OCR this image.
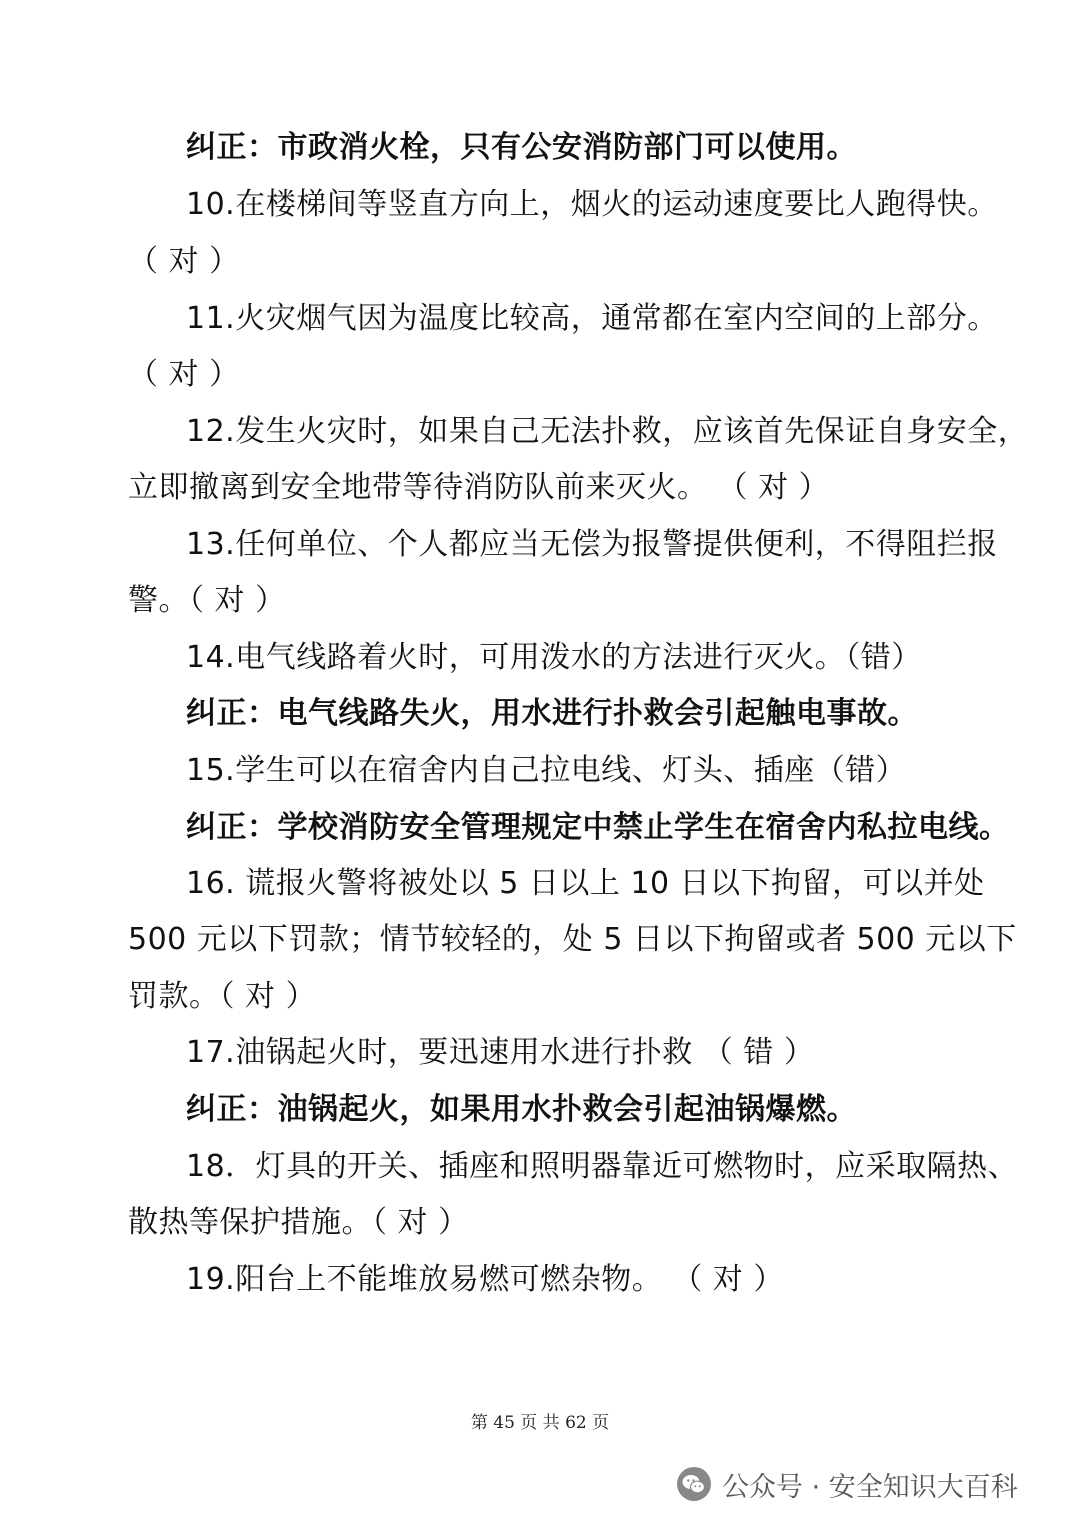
纠正：市政消火栓，只有公安消防部门可以使用。
10.在楼梯间等竖直方向上，烟火的运动速度要比人跑得快。
（ 对 ）
11.火灾烟气因为温度比较高，通常都在室内空间的上部分。
（ 对 ）
12.发生火灾时，如果自己无法扑救，应该首先保证自身安全，
立即撤离到安全地带等待消防队前来灭火。 （ 对 ）
13.任何单位、个人都应当无偿为报警提供便利，不得阻拦报
警。（ 对 ）
14.电气线路着火时，可用泼水的方法进行灭火。（错）
纠正：电气线路失火，用水进行扑救会引起触电事故。
15.学生可以在宿舍内自己拉电线、灯头、插座（错）
纠正：学校消防安全管理规定中禁止学生在宿舍内私拉电线。
16. 谎报火警将被处以 5 日以上 10 日以下拘留，可以并处
500 元以下罚款；情节较轻的，处 5 日以下拘留或者 500 元以下
罚款。（ 对 ）
17.油锅起火时，要迅速用水进行扑救 （ 错 ）
纠正：油锅起火，如果用水扑救会引起油锅爆燃。
18．灯具的开关、插座和照明器靠近可燃物时，应采取隔热、
散热等保护措施。（ 对 ）
19.阳台上不能堆放易燃可燃杂物。 （ 对 ）
第 45 页 共 62 页
公众号 · 安全知识大百科
